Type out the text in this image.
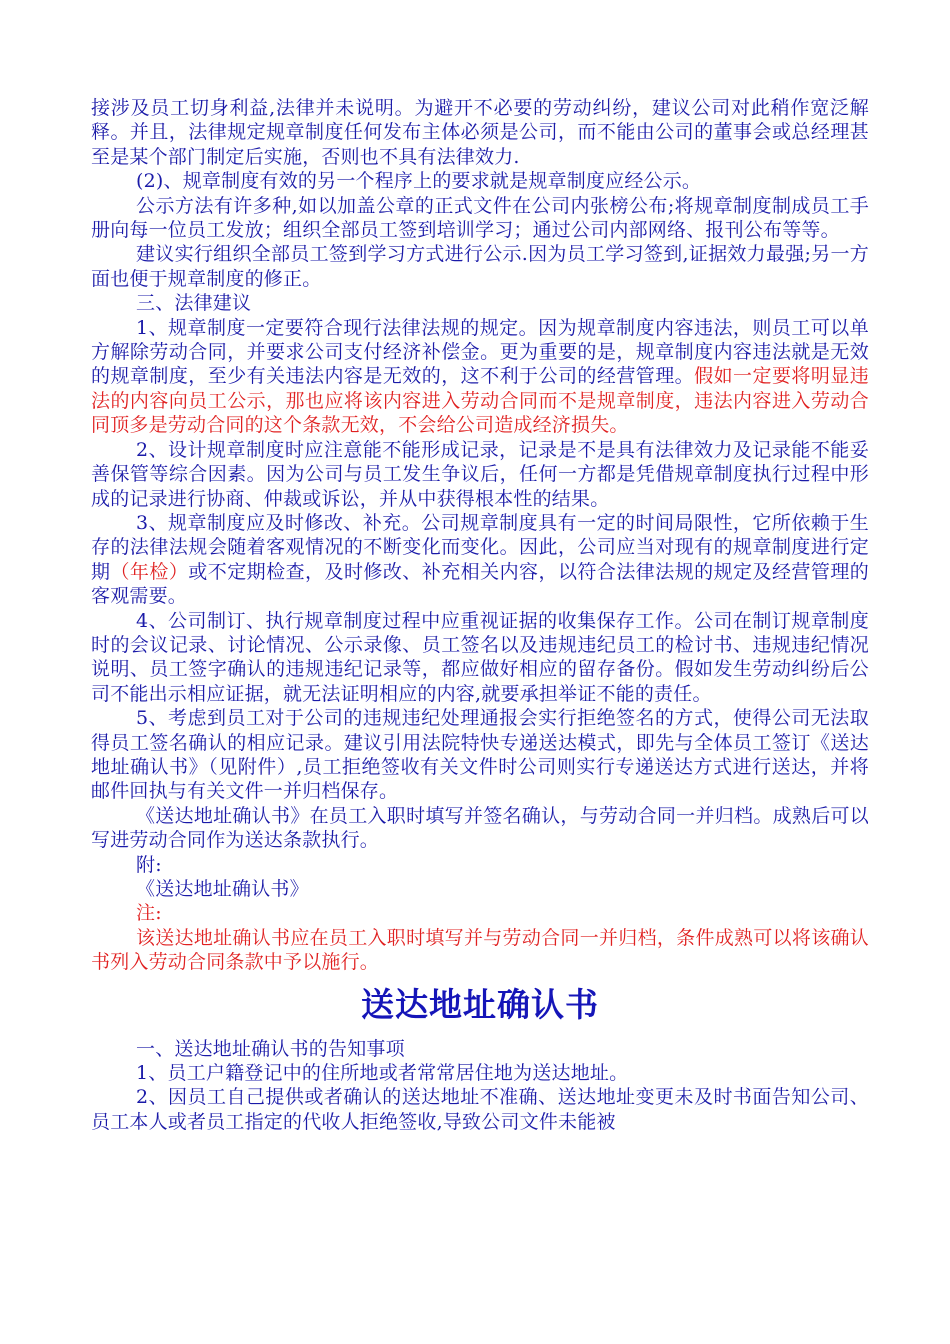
接涉及员工切身利益,法律并未说明。为避开不必要的劳动纠纷，建议公司对此稍作宽泛解释。并且，法律规定规章制度任何发布主体必须是公司，而不能由公司的董事会或总经理甚至是某个部门制定后实施，否则也不具有法律效力.

(2)、规章制度有效的另一个程序上的要求就是规章制度应经公示。

公示方法有许多种,如以加盖公章的正式文件在公司内张榜公布;将规章制度制成员工手册向每一位员工发放；组织全部员工签到培训学习；通过公司内部网络、报刊公布等等。

建议实行组织全部员工签到学习方式进行公示.因为员工学习签到,证据效力最强;另一方面也便于规章制度的修正。

三、法律建议

1、规章制度一定要符合现行法律法规的规定。因为规章制度内容违法，则员工可以单方解除劳动合同，并要求公司支付经济补偿金。更为重要的是，规章制度内容违法就是无效的规章制度，至少有关违法内容是无效的，这不利于公司的经营管理。假如一定要将明显违法的内容向员工公示，那也应将该内容进入劳动合同而不是规章制度，违法内容进入劳动合同顶多是劳动合同的这个条款无效，不会给公司造成经济损失。

2、设计规章制度时应注意能不能形成记录，记录是不是具有法律效力及记录能不能妥善保管等综合因素。因为公司与员工发生争议后，任何一方都是凭借规章制度执行过程中形成的记录进行协商、仲裁或诉讼，并从中获得根本性的结果。

3、规章制度应及时修改、补充。公司规章制度具有一定的时间局限性，它所依赖于生存的法律法规会随着客观情况的不断变化而变化。因此，公司应当对现有的规章制度进行定期（年检）或不定期检查，及时修改、补充相关内容，以符合法律法规的规定及经营管理的客观需要。

4、公司制订、执行规章制度过程中应重视证据的收集保存工作。公司在制订规章制度时的会议记录、讨论情况、公示录像、员工签名以及违规违纪员工的检讨书、违规违纪情况说明、员工签字确认的违规违纪记录等，都应做好相应的留存备份。假如发生劳动纠纷后公司不能出示相应证据，就无法证明相应的内容,就要承担举证不能的责任。

5、考虑到员工对于公司的违规违纪处理通报会实行拒绝签名的方式，使得公司无法取得员工签名确认的相应记录。建议引用法院特快专递送达模式，即先与全体员工签订《送达地址确认书》（见附件）,员工拒绝签收有关文件时公司则实行专递送达方式进行送达，并将邮件回执与有关文件一并归档保存。

《送达地址确认书》在员工入职时填写并签名确认，与劳动合同一并归档。成熟后可以写进劳动合同作为送达条款执行。

附:

《送达地址确认书》

注:

该送达地址确认书应在员工入职时填写并与劳动合同一并归档，条件成熟可以将该确认书列入劳动合同条款中予以施行。

送达地址确认书

一、送达地址确认书的告知事项

1、员工户籍登记中的住所地或者常常居住地为送达地址。

2、因员工自己提供或者确认的送达地址不准确、送达地址变更未及时书面告知公司、员工本人或者员工指定的代收人拒绝签收,导致公司文件未能被
